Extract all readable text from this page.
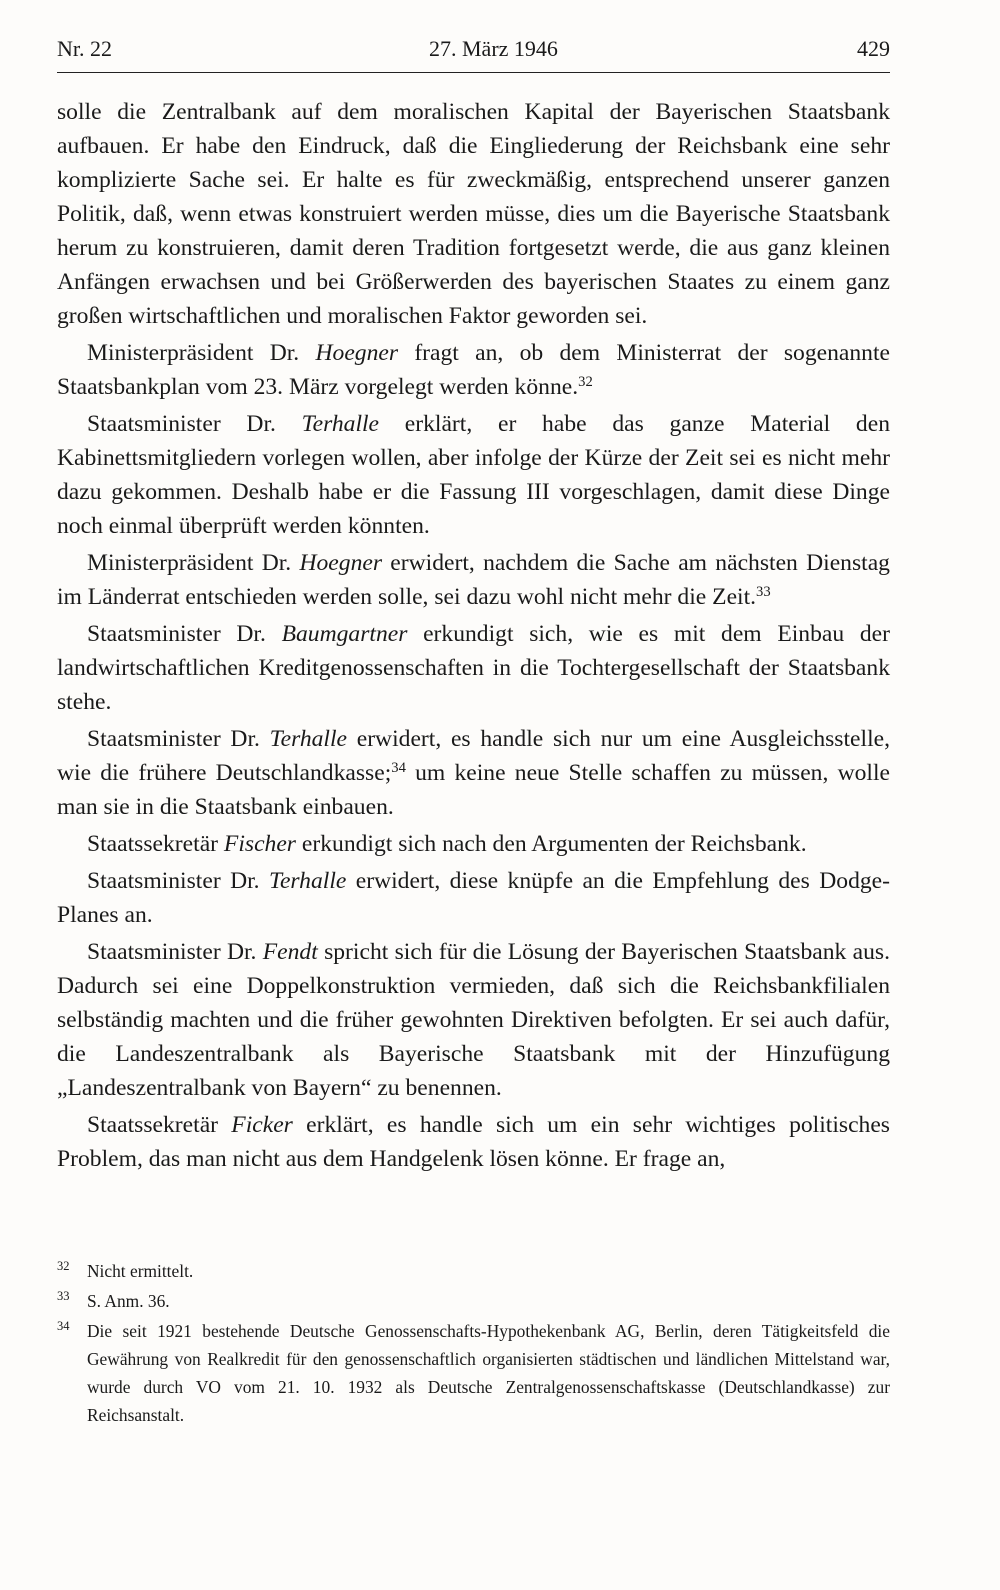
Nr. 22	27. März 1946	429

solle die Zentralbank auf dem moralischen Kapital der Bayerischen Staatsbank aufbauen. Er habe den Eindruck, daß die Eingliederung der Reichsbank eine sehr komplizierte Sache sei. Er halte es für zweckmäßig, entsprechend unserer ganzen Politik, daß, wenn etwas konstruiert werden müsse, dies um die Bayerische Staatsbank herum zu konstruieren, damit deren Tradition fortgesetzt werde, die aus ganz kleinen Anfängen erwachsen und bei Größerwerden des bayerischen Staates zu einem ganz großen wirtschaftlichen und moralischen Faktor geworden sei.

Ministerpräsident Dr. Hoegner fragt an, ob dem Ministerrat der sogenannte Staatsbankplan vom 23. März vorgelegt werden könne.$^{32}$

Staatsminister Dr. Terhalle erklärt, er habe das ganze Material den Kabinettsmitgliedern vorlegen wollen, aber infolge der Kürze der Zeit sei es nicht mehr dazu gekommen. Deshalb habe er die Fassung III vorgeschlagen, damit diese Dinge noch einmal überprüft werden könnten.

Ministerpräsident Dr. Hoegner erwidert, nachdem die Sache am nächsten Dienstag im Länderrat entschieden werden solle, sei dazu wohl nicht mehr die Zeit.$^{33}$

Staatsminister Dr. Baumgartner erkundigt sich, wie es mit dem Einbau der landwirtschaftlichen Kreditgenossenschaften in die Tochtergesellschaft der Staatsbank stehe.

Staatsminister Dr. Terhalle erwidert, es handle sich nur um eine Ausgleichsstelle, wie die frühere Deutschlandkasse;$^{34}$ um keine neue Stelle schaffen zu müssen, wolle man sie in die Staatsbank einbauen.

Staatssekretär Fischer erkundigt sich nach den Argumenten der Reichsbank.

Staatsminister Dr. Terhalle erwidert, diese knüpfe an die Empfehlung des Dodge-Planes an.

Staatsminister Dr. Fendt spricht sich für die Lösung der Bayerischen Staatsbank aus. Dadurch sei eine Doppelkonstruktion vermieden, daß sich die Reichsbankfilialen selbständig machten und die früher gewohnten Direktiven befolgten. Er sei auch dafür, die Landeszentralbank als Bayerische Staatsbank mit der Hinzufügung „Landeszentralbank von Bayern“ zu benennen.

Staatssekretär Ficker erklärt, es handle sich um ein sehr wichtiges politisches Problem, das man nicht aus dem Handgelenk lösen könne. Er frage an,

32 Nicht ermittelt.
33 S. Anm. 36.
34 Die seit 1921 bestehende Deutsche Genossenschafts-Hypothekenbank AG, Berlin, deren Tätigkeitsfeld die Gewährung von Realkredit für den genossenschaftlich organisierten städtischen und ländlichen Mittelstand war, wurde durch VO vom 21. 10. 1932 als Deutsche Zentralgenossenschaftskasse (Deutschlandkasse) zur Reichsanstalt.
